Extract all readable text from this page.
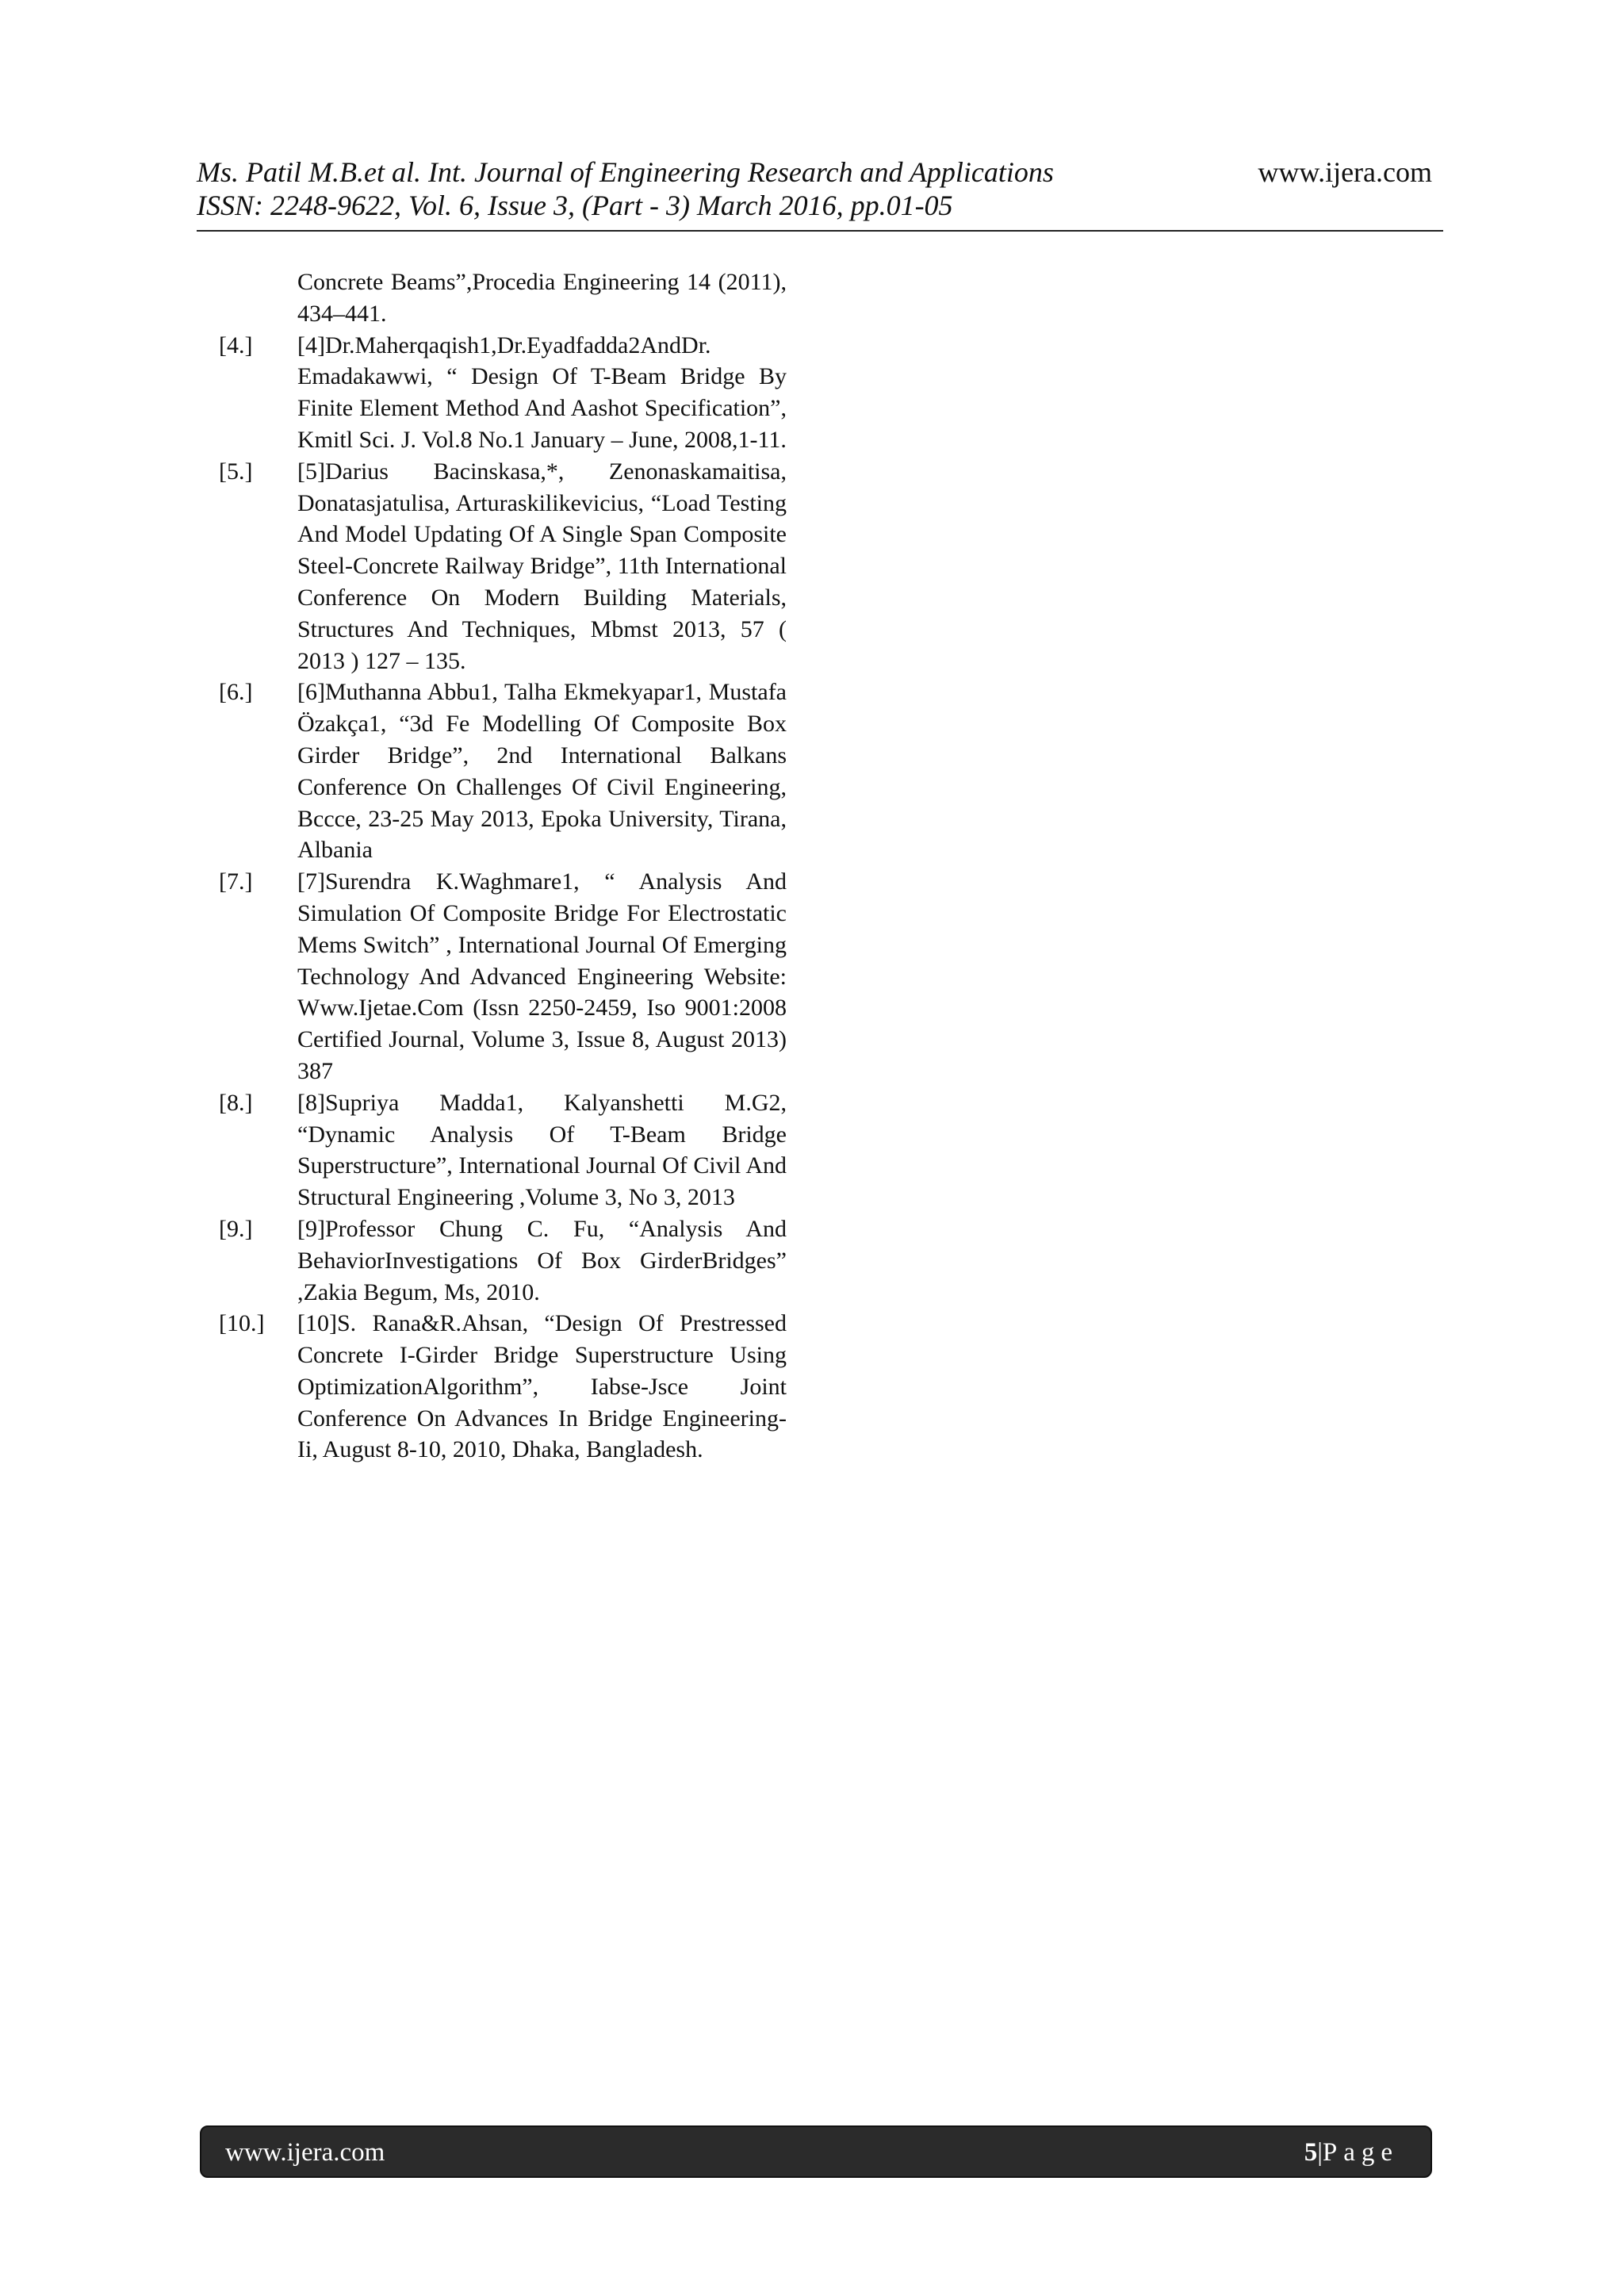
Ms. Patil M.B.et al. Int. Journal of Engineering Research and Applications
ISSN: 2248-9622, Vol. 6, Issue 3, (Part - 3) March 2016, pp.01-05
www.ijera.com
Concrete Beams”,Procedia Engineering 14 (2011), 434–441.
[4.]	[4]Dr.Maherqaqish1,Dr.Eyadfadda2AndDr. Emadakawwi, “ Design Of T-Beam Bridge By Finite Element Method And Aashot Specification”, Kmitl Sci. J. Vol.8 No.1 January – June, 2008,1-11.
[5.]	[5]Darius Bacinskasa,*, Zenonaskamaitisa, Donatasjatulisa, Arturaskilikevicius, “Load Testing And Model Updating Of A Single Span Composite Steel-Concrete Railway Bridge”, 11th International Conference On Modern Building Materials, Structures And Techniques, Mbmst 2013, 57 ( 2013 ) 127 – 135.
[6.]	[6]Muthanna Abbu1, Talha Ekmekyapar1, Mustafa Özakça1, “3d Fe Modelling Of Composite Box Girder Bridge”, 2nd International Balkans Conference On Challenges Of Civil Engineering, Bccce, 23-25 May 2013, Epoka University, Tirana, Albania
[7.]	[7]Surendra K.Waghmare1, “ Analysis And Simulation Of Composite Bridge For Electrostatic Mems Switch” , International Journal Of Emerging Technology And Advanced Engineering Website: Www.Ijetae.Com (Issn 2250-2459, Iso 9001:2008 Certified Journal, Volume 3, Issue 8, August 2013) 387
[8.]	[8]Supriya Madda1, Kalyanshetti M.G2, “Dynamic Analysis Of T-Beam Bridge Superstructure”, International Journal Of Civil And Structural Engineering ,Volume 3, No 3, 2013
[9.]	[9]Professor Chung C. Fu, “Analysis And BehaviorInvestigations Of Box GirderBridges” ,Zakia Begum, Ms, 2010.
[10.]	[10]S. Rana&R.Ahsan, “Design Of Prestressed Concrete I-Girder Bridge Superstructure Using OptimizationAlgorithm”, Iabse-Jsce Joint Conference On Advances In Bridge Engineering-Ii, August 8-10, 2010, Dhaka, Bangladesh.
www.ijera.com	5|Page
